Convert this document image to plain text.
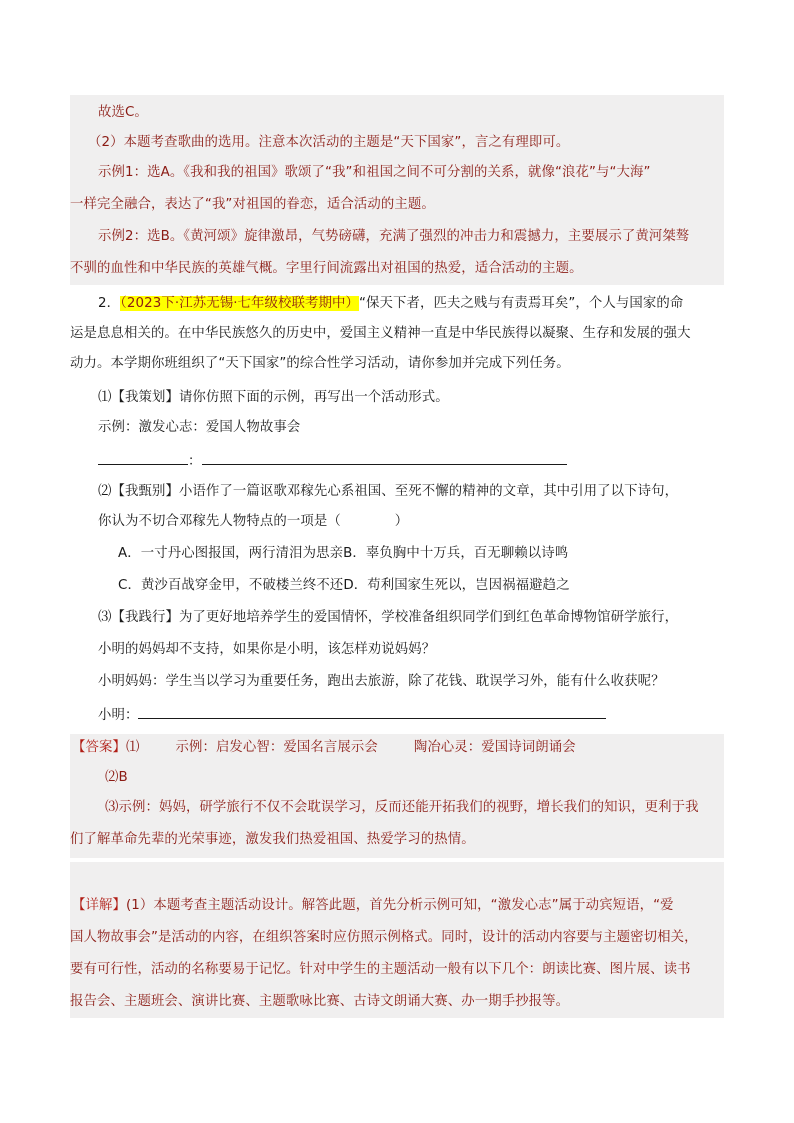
故选C。
（2）本题考查歌曲的选用。注意本次活动的主题是“天下国家”，言之有理即可。
示例1：选A。《我和我的祖国》歌颂了“我”和祖国之间不可分割的关系，就像“浪花”与“大海”
一样完全融合，表达了“我”对祖国的眷恋，适合活动的主题。
示例2：选B。《黄河颂》旋律激昂，气势磅礴，充满了强烈的冲击力和震撼力，主要展示了黄河桀骜
不驯的血性和中华民族的英雄气概。字里行间流露出对祖国的热爱，适合活动的主题。
2．（2023下·江苏无锡·七年级校联考期中）“保天下者，匹夫之贱与有责焉耳矣”，个人与国家的命
运是息息相关的。在中华民族悠久的历史中，爱国主义精神一直是中华民族得以凝聚、生存和发展的强大
动力。本学期你班组织了“天下国家”的综合性学习活动，请你参加并完成下列任务。
⑴【我策划】请你仿照下面的示例，再写出一个活动形式。
示例：激发心志：爱国人物故事会
：
⑵【我甄别】小语作了一篇讴歌邓稼先心系祖国、至死不懈的精神的文章，其中引用了以下诗句，
你认为不切合邓稼先人物特点的一项是（　　　　）
A．一寸丹心图报国，两行清泪为思亲B．辜负胸中十万兵，百无聊赖以诗鸣
C．黄沙百战穿金甲，不破楼兰终不还D．苟利国家生死以，岂因祸福避趋之
⑶【我践行】为了更好地培养学生的爱国情怀，学校准备组织同学们到红色革命博物馆研学旅行，
小明的妈妈却不支持，如果你是小明，该怎样劝说妈妈？
小明妈妈：学生当以学习为重要任务，跑出去旅游，除了花钱、耽误学习外，能有什么收获呢？
小明：
【答案】⑴	示例：启发心智：爱国名言展示会	陶冶心灵：爱国诗词朗诵会
⑵B
⑶示例：妈妈，研学旅行不仅不会耽误学习，反而还能开拓我们的视野，增长我们的知识，更利于我
们了解革命先辈的光荣事迹，激发我们热爱祖国、热爱学习的热情。
【详解】(1）本题考查主题活动设计。解答此题，首先分析示例可知，“激发心志”属于动宾短语，“爱
国人物故事会”是活动的内容，在组织答案时应仿照示例格式。同时，设计的活动内容要与主题密切相关，
要有可行性，活动的名称要易于记忆。针对中学生的主题活动一般有以下几个：朗读比赛、图片展、读书
报告会、主题班会、演讲比赛、主题歌咏比赛、古诗文朗诵大赛、办一期手抄报等。
